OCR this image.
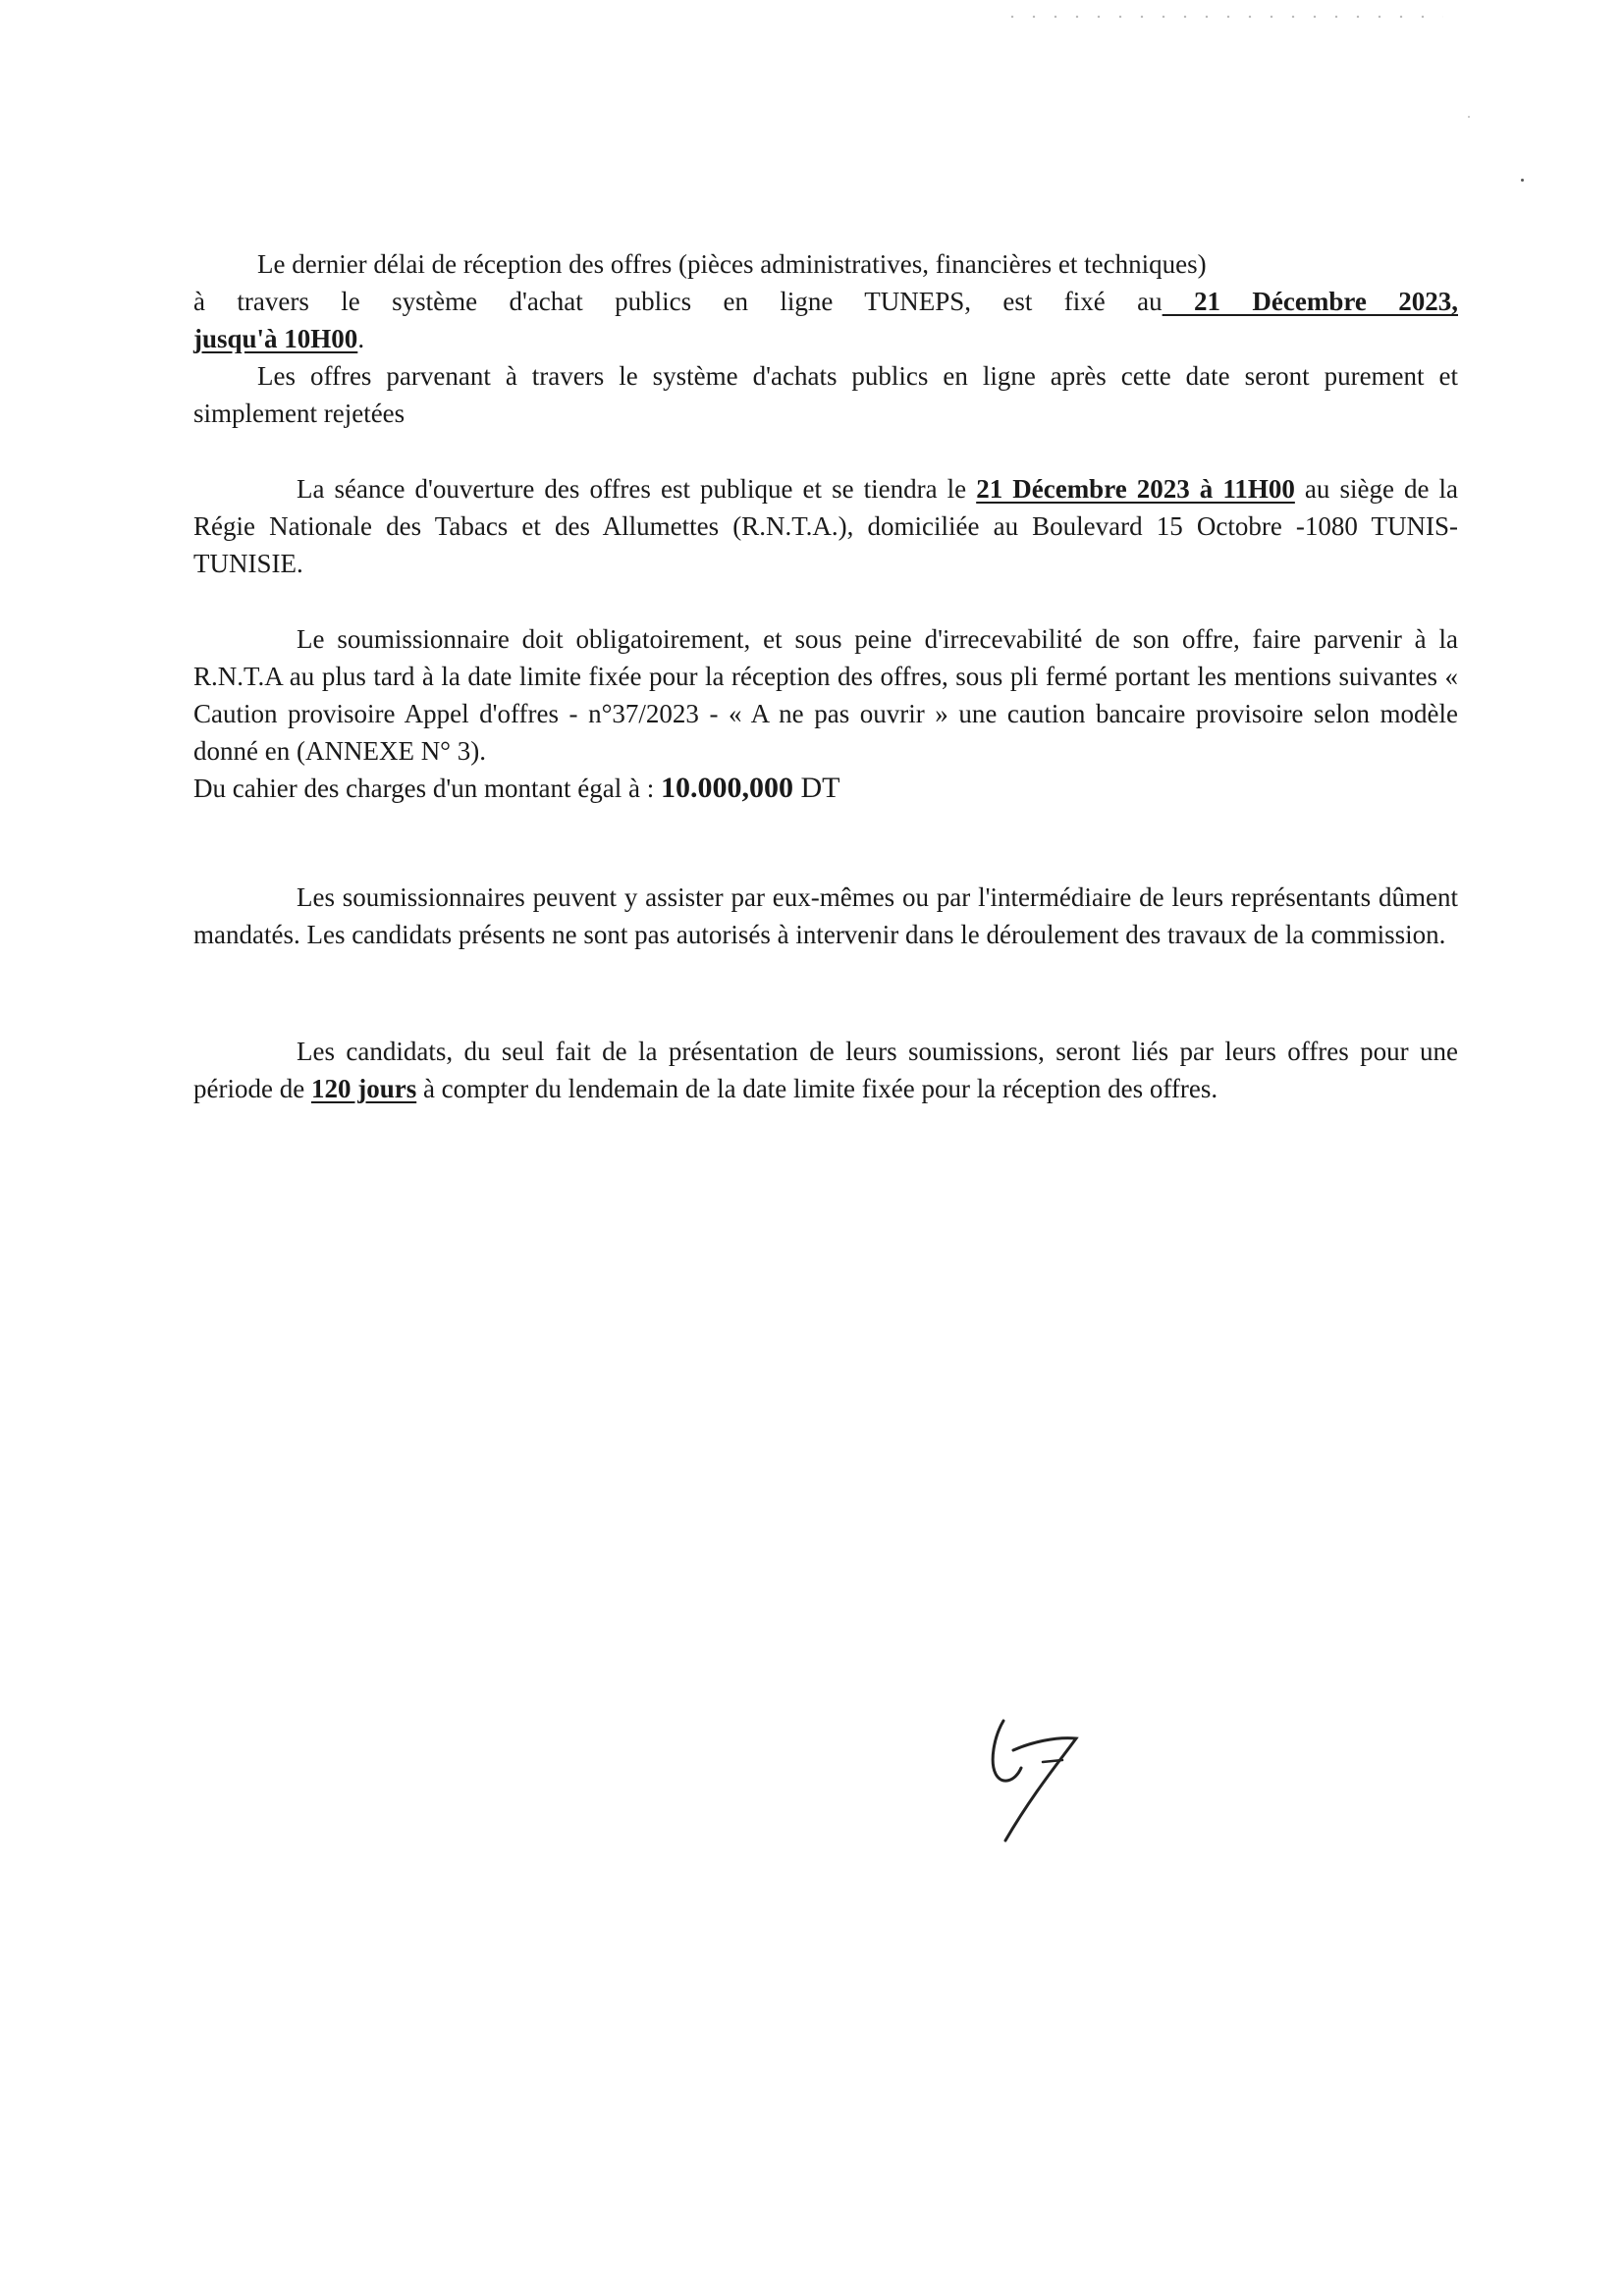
Le dernier délai de réception des offres (pièces administratives, financières et techniques)
à travers le système d'achat publics en ligne TUNEPS, est fixé au 21 Décembre 2023,
jusqu'à 10H00.

Les offres parvenant à travers le système d'achats publics en ligne après cette date seront purement et simplement rejetées

La séance d'ouverture des offres est publique et se tiendra le 21 Décembre 2023 à 11H00 au siège de la Régie Nationale des Tabacs et des Allumettes (R.N.T.A.), domiciliée au Boulevard 15 Octobre -1080 TUNIS-TUNISIE.

Le soumissionnaire doit obligatoirement, et sous peine d'irrecevabilité de son offre, faire parvenir à la R.N.T.A au plus tard à la date limite fixée pour la réception des offres, sous pli fermé portant les mentions suivantes « Caution provisoire Appel d'offres - n°37/2023 - « A ne pas ouvrir » une caution bancaire provisoire selon modèle donné en (ANNEXE N° 3).
Du cahier des charges d'un montant égal à : 10.000,000 DT

Les soumissionnaires peuvent y assister par eux-mêmes ou par l'intermédiaire de leurs représentants dûment mandatés. Les candidats présents ne sont pas autorisés à intervenir dans le déroulement des travaux de la commission.

Les candidats, du seul fait de la présentation de leurs soumissions, seront liés par leurs offres pour une période de 120 jours à compter du lendemain de la date limite fixée pour la réception des offres.
